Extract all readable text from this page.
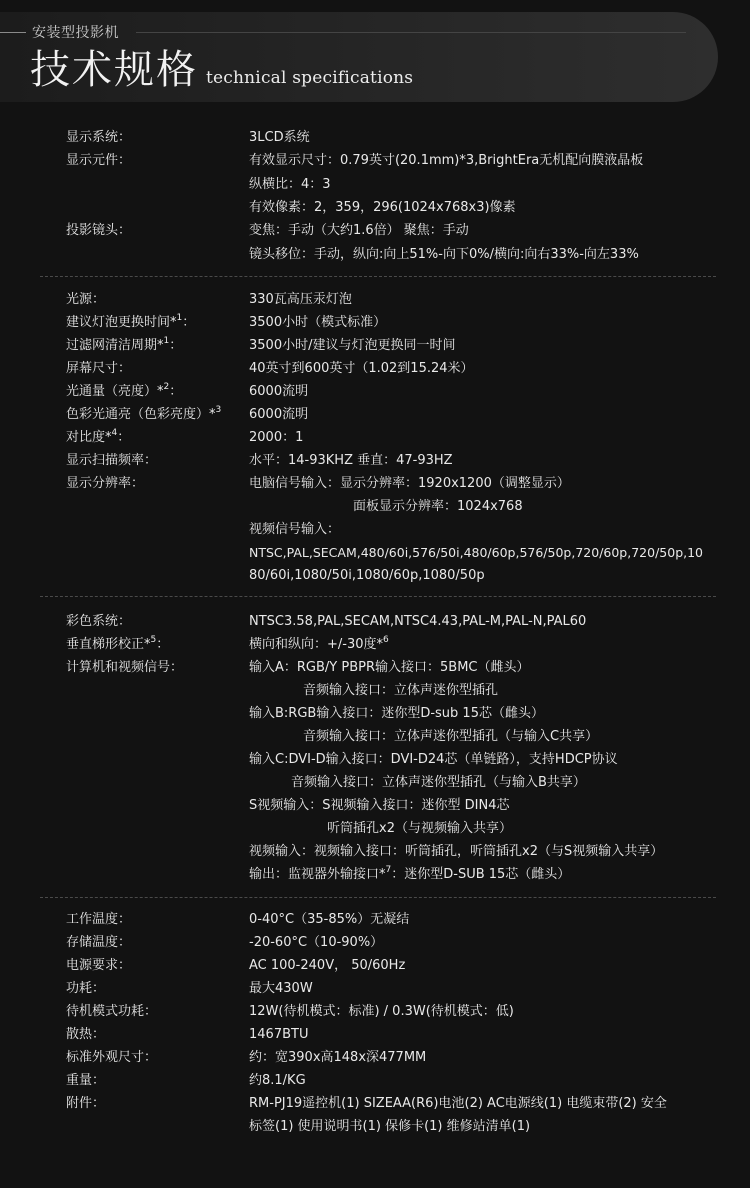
安装型投影机
技术规格 technical specifications
显示系统：	3LCD系统
显示元件：	有效显示尺寸：0.79英寸(20.1mm)*3,BrightEra无机配向膜液晶板
纵横比：4：3
有效像素：2，359，296(1024x768x3)像素
投影镜头：	变焦：手动（大约1.6倍） 聚焦：手动
镜头移位：手动，纵向:向上51%-向下0%/横向:向右33%-向左33%
光源：	330瓦高压汞灯泡
建议灯泡更换时间*$^1$：	3500小时（模式标准）
过滤网清洁周期*$^1$：	3500小时/建议与灯泡更换同一时间
屏幕尺寸：	40英寸到600英寸（1.02到15.24米）
光通量（亮度）*$^2$：	6000流明
色彩光通亮（色彩亮度）*$^3$ 6000流明
对比度*$^4$：	2000：1
显示扫描频率：	水平：14-93KHZ 垂直：47-93HZ
显示分辨率：	电脑信号输入：显示分辨率：1920x1200（调整显示）
面板显示分辨率：1024x768
视频信号输入：
NTSC,PAL,SECAM,480/60i,576/50i,480/60p,576/50p,720/60p,720/50p,10
80/60i,1080/50i,1080/60p,1080/50p
彩色系统：	NTSC3.58,PAL,SECAM,NTSC4.43,PAL-M,PAL-N,PAL60
垂直梯形校正*$^5$：	横向和纵向：+/-30度*$^6$
计算机和视频信号：	输入A：RGB/Y PBPR输入接口：5BMC（雌头）
音频输入接口：立体声迷你型插孔
输入B:RGB输入接口：迷你型D-sub 15芯（雌头）
音频输入接口：立体声迷你型插孔（与输入C共享）
输入C:DVI-D输入接口：DVI-D24芯（单链路），支持HDCP协议
音频输入接口：立体声迷你型插孔（与输入B共享）
S视频输入：S视频输入接口：迷你型 DIN4芯
听筒插孔x2（与视频输入共享）
视频输入：视频输入接口：听筒插孔，听筒插孔x2（与S视频输入共享）
输出：监视器外输接口*$^7$：迷你型D-SUB 15芯（雌头）
工作温度：	0-40°C（35-85%）无凝结
存储温度：	-20-60°C（10-90%）
电源要求：	AC 100-240V， 50/60Hz
功耗：	最大430W
待机模式功耗：	12W(待机模式：标准) / 0.3W(待机模式：低)
散热：	1467BTU
标准外观尺寸：	约：宽390x高148x深477MM
重量：	约8.1/KG
附件：	RM-PJ19遥控机(1) SIZEAA(R6)电池(2) AC电源线(1) 电缆束带(2) 安全
标签(1) 使用说明书(1) 保修卡(1) 维修站清单(1)
